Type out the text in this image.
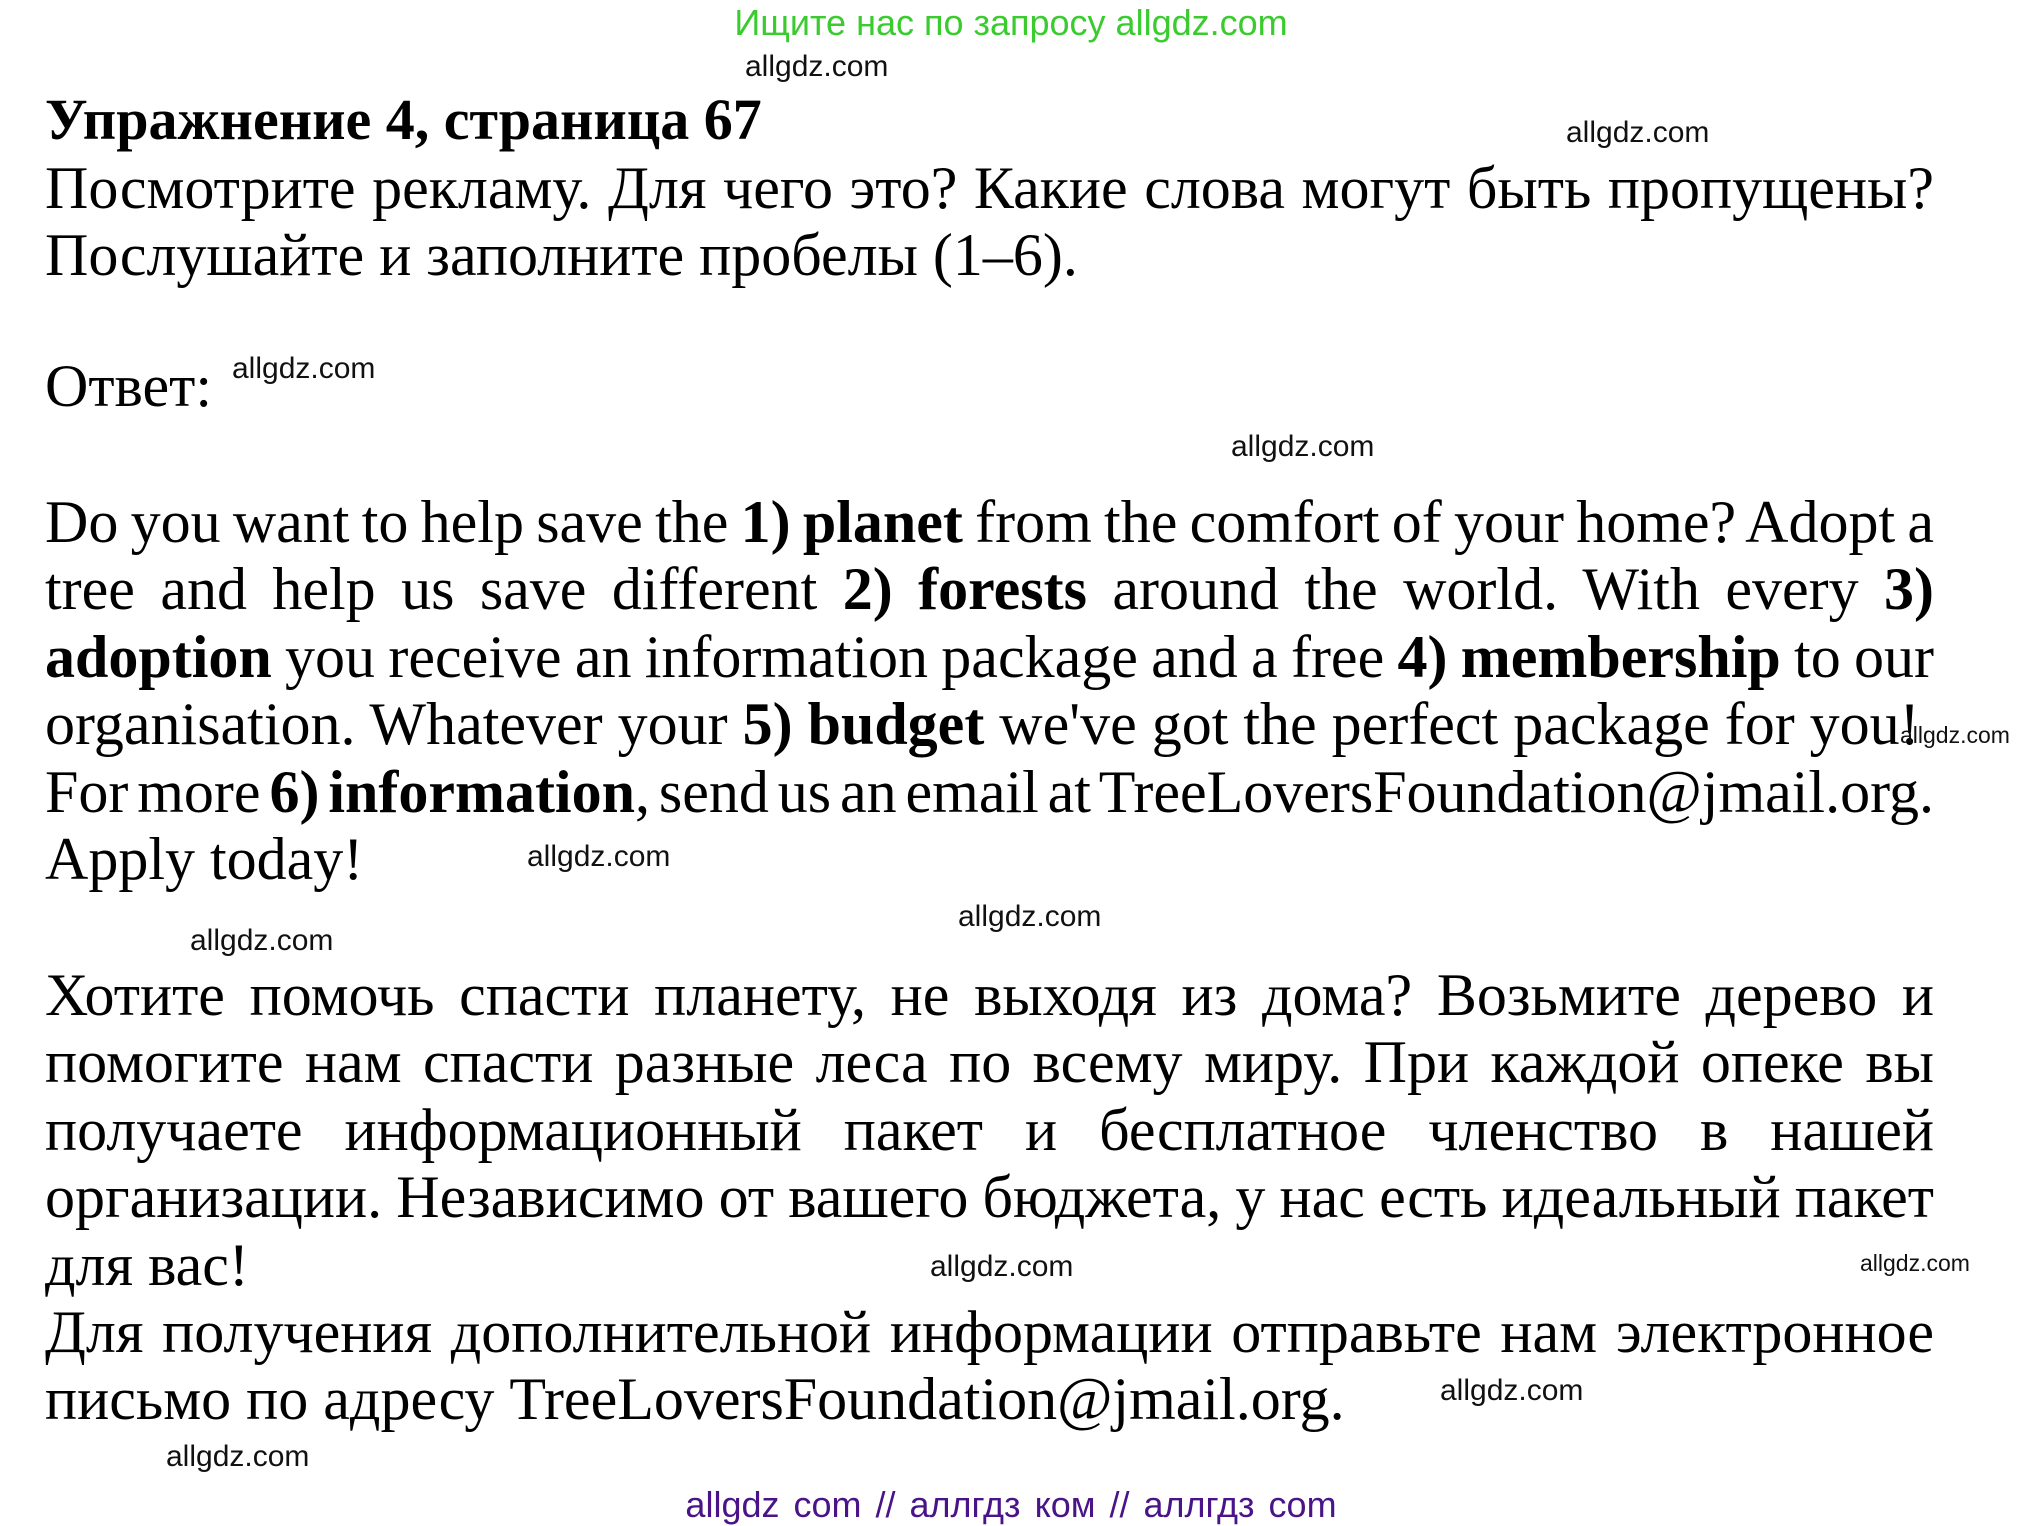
Ищите нас по запросу allgdz.com
Упражнение 4, страница 67
Посмотрите рекламу. Для чего это? Какие слова могут быть пропущены?
Послушайте и заполните пробелы (1–6).
Ответ:
Do you want to help save the 1) planet from the comfort of your home? Adopt a
tree and help us save different 2) forests around the world. With every 3)
adoption you receive an information package and a free 4) membership to our
organisation. Whatever your 5) budget we've got the perfect package for you!
For more 6) information, send us an email at TreeLoversFoundation@jmail.org.
Apply today!
Хотите помочь спасти планету, не выходя из дома? Возьмите дерево и
помогите нам спасти разные леса по всему миру. При каждой опеке вы
получаете информационный пакет и бесплатное членство в нашей
организации. Независимо от вашего бюджета, у нас есть идеальный пакет
для вас!
Для получения дополнительной информации отправьте нам электронное
письмо по адресу TreeLoversFoundation@jmail.org.
allgdz.com
allgdz.com
allgdz.com
allgdz.com
allgdz.com
allgdz.com
allgdz.com
allgdz.com
allgdz.com
allgdz.com
allgdz.com
allgdz.com
allgdz com // аллгдз ком // аллгдз com
